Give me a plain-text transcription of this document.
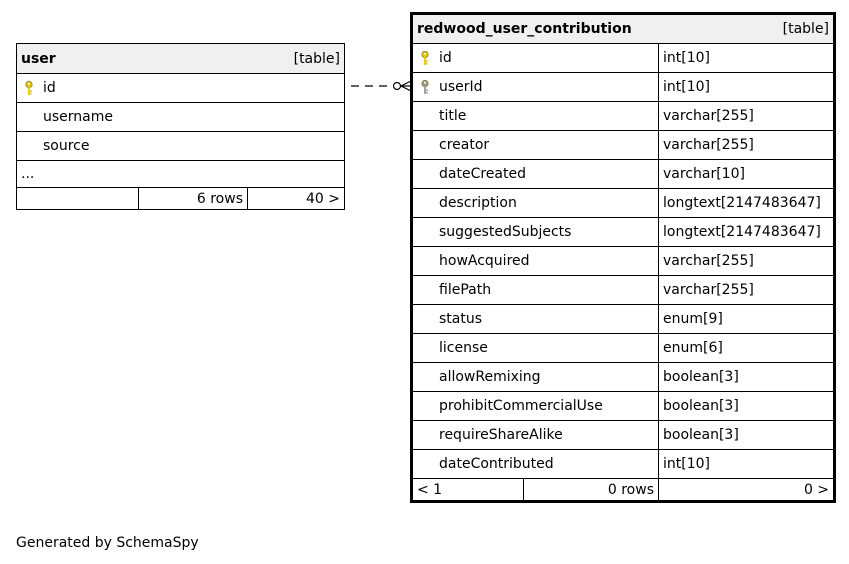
user	[table]

id
username
source
...
	6 rows	40 >
redwood_user_contribution [table]		

id		int[10]
userId		int[10]
title		varchar[255]
creator		varchar[255]
dateCreated		varchar[10]
description		longtext[2147483647]
suggestedSubjects		longtext[2147483647]
howAcquired		varchar[255]
filePath		varchar[255]
status		enum[9]
license		enum[6]
allowRemixing		boolean[3]
prohibitCommercialUse		boolean[3]
requireShareAlike		boolean[3]
dateContributed		int[10]
< 1	0 rows	0 >
Generated by SchemaSpy
